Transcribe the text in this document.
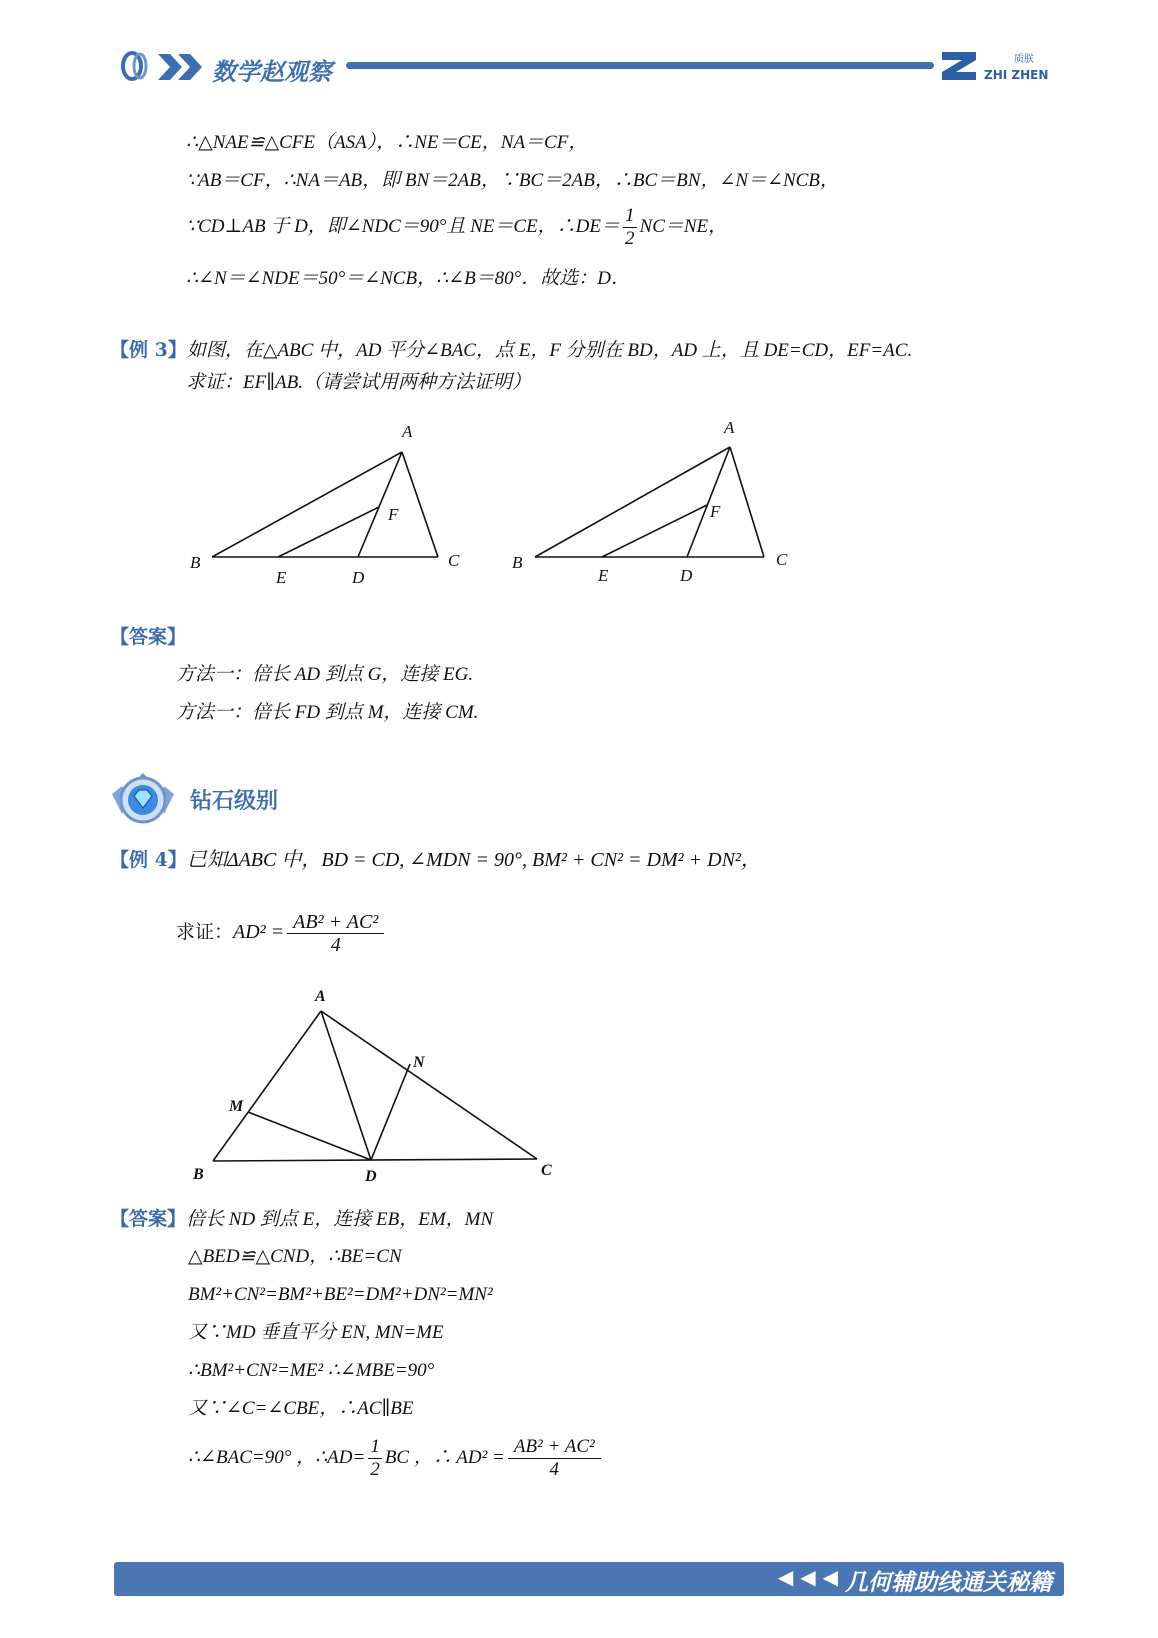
数学赵观察	质朕
ZHI ZHEN
∴△NAE≌△CFE（ASA），∴NE＝CE，NA＝CF，
∵AB＝CF，∴NA＝AB，即 BN＝2AB，∵BC＝2AB，∴BC＝BN，∠N＝∠NCB，
∵CD⊥AB 于 D，即∠NDC＝90°且 NE＝CE，∴DE＝ $\frac{1}{2} NC=NE$，
∴∠N＝∠NDE＝50°＝∠NCB，∴∠B＝80°．故选：D．
【例 3】如图，在△ABC 中，AD 平分∠BAC，点 E，F 分别在 BD，AD 上，且 DE=CD，EF=AC.
求证：EF∥AB.（请尝试用两种方法证明）
A
B	C
D
E
F
A
B	C
D
E
F
【答案】
方法一：倍长 AD 到点 G，连接 EG.
方法一：倍长 FD 到点 M，连接 CM.
钻石级别
【例 4】已知ΔABC 中，BD = CD, ∠MDN = 90°, BM² + CN² = DM² + DN²，
求证：$AD^2 = \frac{\text{AB² + AC²}}{4}$
A
M
N
B	D	C
【答案】倍长 ND 到点 E，连接 EB，EM，MN
△BED≌△CND，∴BE=CN
BM²+CN²=BM²+BE²=DM²+DN²=MN²
又∵MD 垂直平分 EN, MN=ME
∴BM²+CN²=ME² ∴∠MBE=90°
又∵∠C=∠CBE，∴AC∥BE
∴∠BAC=90° ，∴AD= $\frac{1}{2}$ BC ，∴ $AD^2 = \frac{\text{AB² + AC²}}{4}$
◀ ◀ ◀ 几何辅助线通关秘籍
